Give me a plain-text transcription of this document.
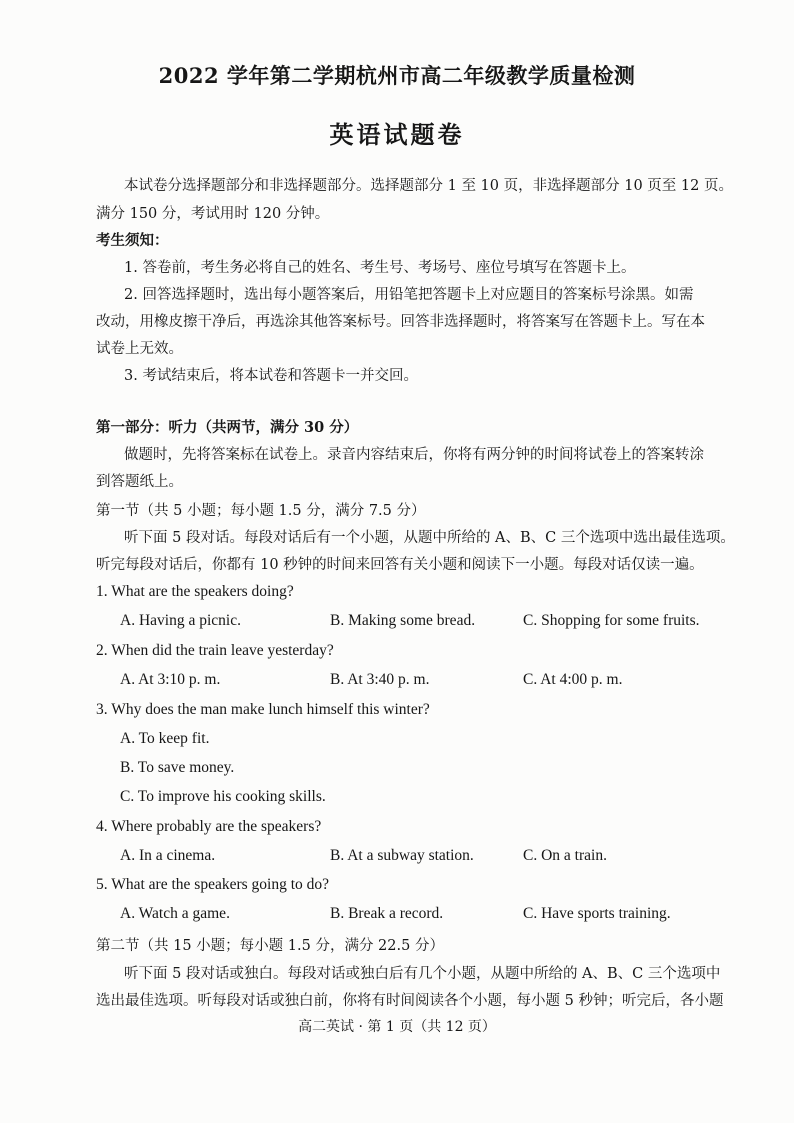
2022 学年第二学期杭州市高二年级教学质量检测
英语试题卷
本试卷分选择题部分和非选择题部分。选择题部分 1 至 10 页，非选择题部分 10 页至 12 页。
满分 150 分，考试用时 120 分钟。
考生须知：
1. 答卷前，考生务必将自己的姓名、考生号、考场号、座位号填写在答题卡上。
2. 回答选择题时，选出每小题答案后，用铅笔把答题卡上对应题目的答案标号涂黑。如需
改动，用橡皮擦干净后，再选涂其他答案标号。回答非选择题时，将答案写在答题卡上。写在本
试卷上无效。
3. 考试结束后，将本试卷和答题卡一并交回。
第一部分：听力（共两节，满分 30 分）
做题时，先将答案标在试卷上。录音内容结束后，你将有两分钟的时间将试卷上的答案转涂
到答题纸上。
第一节（共 5 小题；每小题 1.5 分，满分 7.5 分）
听下面 5 段对话。每段对话后有一个小题，从题中所给的 A、B、C 三个选项中选出最佳选项。
听完每段对话后，你都有 10 秒钟的时间来回答有关小题和阅读下一小题。每段对话仅读一遍。
1. What are the speakers doing?
A. Having a picnic.	B. Making some bread.	C. Shopping for some fruits.
2. When did the train leave yesterday?
A. At 3:10 p. m.	B. At 3:40 p. m.	C. At 4:00 p. m.
3. Why does the man make lunch himself this winter?
A. To keep fit.
B. To save money.
C. To improve his cooking skills.
4. Where probably are the speakers?
A. In a cinema.	B. At a subway station.	C. On a train.
5. What are the speakers going to do?
A. Watch a game.	B. Break a record.	C. Have sports training.
第二节（共 15 小题；每小题 1.5 分，满分 22.5 分）
听下面 5 段对话或独白。每段对话或独白后有几个小题，从题中所给的 A、B、C 三个选项中
选出最佳选项。听每段对话或独白前，你将有时间阅读各个小题，每小题 5 秒钟；听完后，各小题
高二英试 · 第 1 页（共 12 页）
